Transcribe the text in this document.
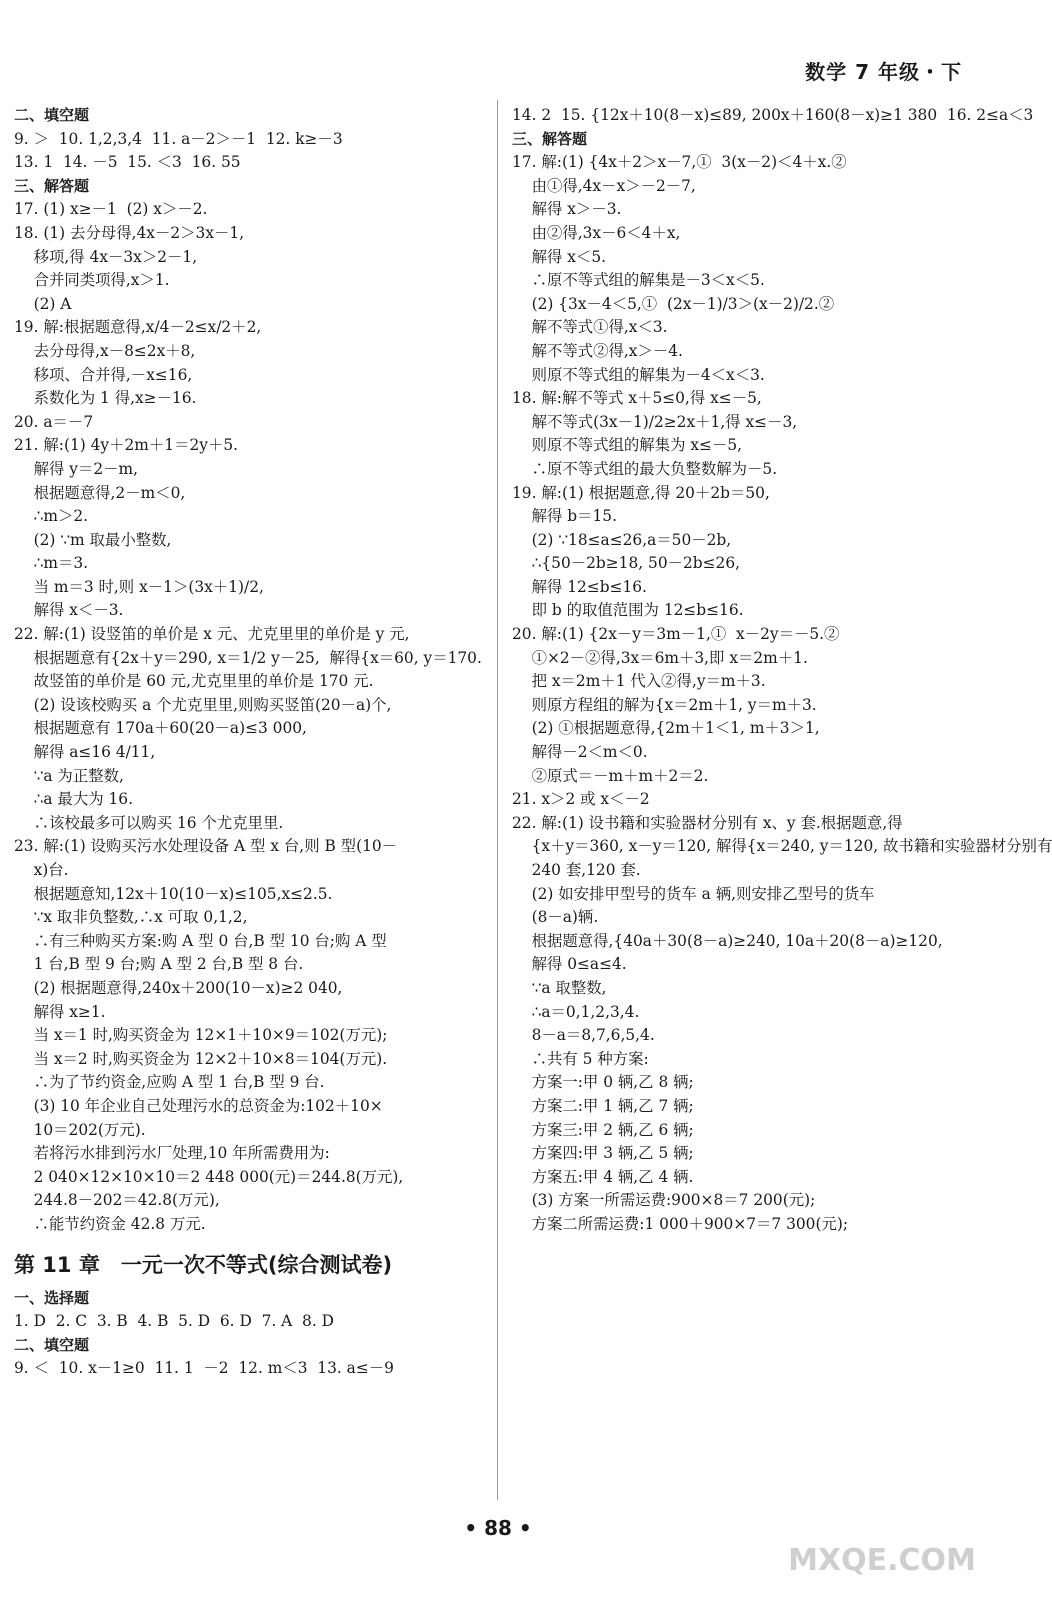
数学 7 年级・下
二、填空题
9. ＞  10. 1,2,3,4  11. a－2＞－1  12. k≥－3
13. 1  14. －5  15. ＜3  16. 55
三、解答题
17. (1) x≥－1  (2) x＞－2.
18. (1) 去分母得,4x－2＞3x－1,
移项,得 4x－3x＞2－1,
合并同类项得,x＞1.
(2) A
19. 解:根据题意得,x/4－2≤x/2＋2,
去分母得,x－8≤2x＋8,
移项、合并得,－x≤16,
系数化为 1 得,x≥－16.
20. a＝－7
21. 解:(1) 4y＋2m＋1＝2y＋5.
解得 y＝2－m,
根据题意得,2－m＜0,
∴m＞2.
(2) ∵m 取最小整数,
∴m＝3.
当 m＝3 时,则 x－1＞(3x＋1)/2,
解得 x＜－3.
22. 解:(1) 设竖笛的单价是 x 元、尤克里里的单价是 y 元,
根据题意有{2x＋y＝290, x＝1/2 y－25,  解得{x＝60, y＝170.
故竖笛的单价是 60 元,尤克里里的单价是 170 元.
(2) 设该校购买 a 个尤克里里,则购买竖笛(20－a)个,
根据题意有 170a＋60(20－a)≤3 000,
解得 a≤16 4/11,
∵a 为正整数,
∴a 最大为 16.
∴该校最多可以购买 16 个尤克里里.
23. 解:(1) 设购买污水处理设备 A 型 x 台,则 B 型(10－
x)台.
根据题意知,12x＋10(10－x)≤105,x≤2.5.
∵x 取非负整数,∴x 可取 0,1,2,
∴有三种购买方案:购 A 型 0 台,B 型 10 台;购 A 型
1 台,B 型 9 台;购 A 型 2 台,B 型 8 台.
(2) 根据题意得,240x＋200(10－x)≥2 040,
解得 x≥1.
当 x＝1 时,购买资金为 12×1＋10×9＝102(万元);
当 x＝2 时,购买资金为 12×2＋10×8＝104(万元).
∴为了节约资金,应购 A 型 1 台,B 型 9 台.
(3) 10 年企业自己处理污水的总资金为:102＋10×
10＝202(万元).
若将污水排到污水厂处理,10 年所需费用为:
2 040×12×10×10＝2 448 000(元)＝244.8(万元),
244.8－202＝42.8(万元),
∴能节约资金 42.8 万元.
第 11 章　一元一次不等式(综合测试卷)
一、选择题
1. D  2. C  3. B  4. B  5. D  6. D  7. A  8. D
二、填空题
9. ＜  10. x－1≥0  11. 1  －2  12. m＜3  13. a≤－9
14. 2  15. {12x＋10(8－x)≤89, 200x＋160(8－x)≥1 380  16. 2≤a＜3
三、解答题
17. 解:(1) {4x＋2＞x－7,①  3(x－2)＜4＋x.②
由①得,4x－x＞－2－7,
解得 x＞－3.
由②得,3x－6＜4＋x,
解得 x＜5.
∴原不等式组的解集是－3＜x＜5.
(2) {3x－4＜5,①  (2x－1)/3＞(x－2)/2.②
解不等式①得,x＜3.
解不等式②得,x＞－4.
则原不等式组的解集为－4＜x＜3.
18. 解:解不等式 x＋5≤0,得 x≤－5,
解不等式(3x－1)/2≥2x＋1,得 x≤－3,
则原不等式组的解集为 x≤－5,
∴原不等式组的最大负整数解为－5.
19. 解:(1) 根据题意,得 20＋2b＝50,
解得 b＝15.
(2) ∵18≤a≤26,a＝50－2b,
∴{50－2b≥18, 50－2b≤26,
解得 12≤b≤16.
即 b 的取值范围为 12≤b≤16.
20. 解:(1) {2x－y＝3m－1,①  x－2y＝－5.②
①×2－②得,3x＝6m＋3,即 x＝2m＋1.
把 x＝2m＋1 代入②得,y＝m＋3.
则原方程组的解为{x＝2m＋1, y＝m＋3.
(2) ①根据题意得,{2m＋1＜1, m＋3＞1,
解得－2＜m＜0.
②原式＝－m＋m＋2＝2.
21. x＞2 或 x＜－2
22. 解:(1) 设书籍和实验器材分别有 x、y 套.根据题意,得
{x＋y＝360, x－y＝120, 解得{x＝240, y＝120, 故书籍和实验器材分别有
240 套,120 套.
(2) 如安排甲型号的货车 a 辆,则安排乙型号的货车
(8－a)辆.
根据题意得,{40a＋30(8－a)≥240, 10a＋20(8－a)≥120,
解得 0≤a≤4.
∵a 取整数,
∴a＝0,1,2,3,4.
8－a＝8,7,6,5,4.
∴共有 5 种方案:
方案一:甲 0 辆,乙 8 辆;
方案二:甲 1 辆,乙 7 辆;
方案三:甲 2 辆,乙 6 辆;
方案四:甲 3 辆,乙 5 辆;
方案五:甲 4 辆,乙 4 辆.
(3) 方案一所需运费:900×8＝7 200(元);
方案二所需运费:1 000＋900×7＝7 300(元);
• 88 •
MXQE.COM
